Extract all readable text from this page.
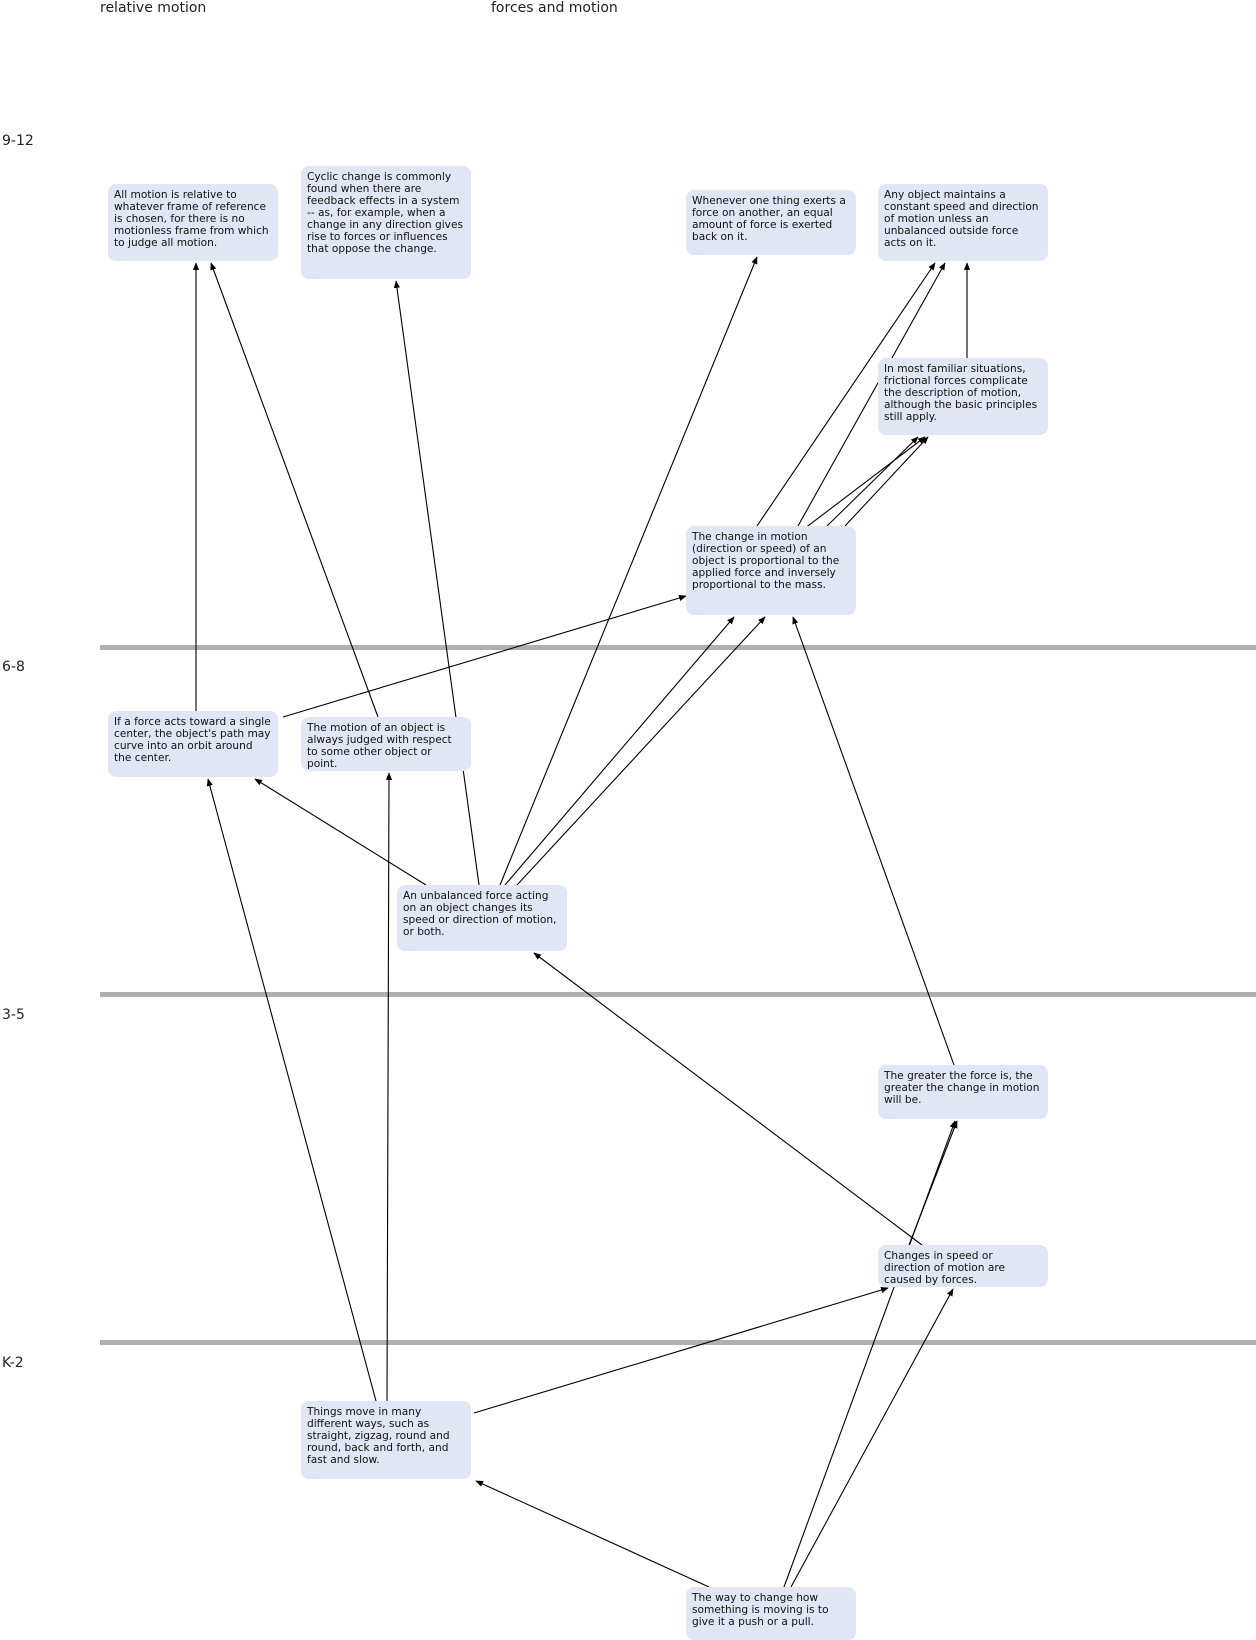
relative motion	forces and motion
9-12
6-8
3-5
K-2
All motion is relative to whatever frame of reference is chosen, for there is no motionless frame from which to judge all motion.
Cyclic change is commonly found when there are feedback effects in a system -- as, for example, when a change in any direction gives rise to forces or influences that oppose the change.
Whenever one thing exerts a force on another, an equal amount of force is exerted back on it.
Any object maintains a constant speed and direction of motion unless an unbalanced outside force acts on it.
In most familiar situations, frictional forces complicate the description of motion, although the basic principles still apply.
The change in motion (direction or speed) of an object is proportional to the applied force and inversely proportional to the mass.
If a force acts toward a single center, the object's path may curve into an orbit around the center.
The motion of an object is always judged with respect to some other object or point.
An unbalanced force acting on an object changes its speed or direction of motion, or both.
The greater the force is, the greater the change in motion will be.
Changes in speed or direction of motion are caused by forces.
Things move in many different ways, such as straight, zigzag, round and round, back and forth, and fast and slow.
The way to change how something is moving is to give it a push or a pull.
